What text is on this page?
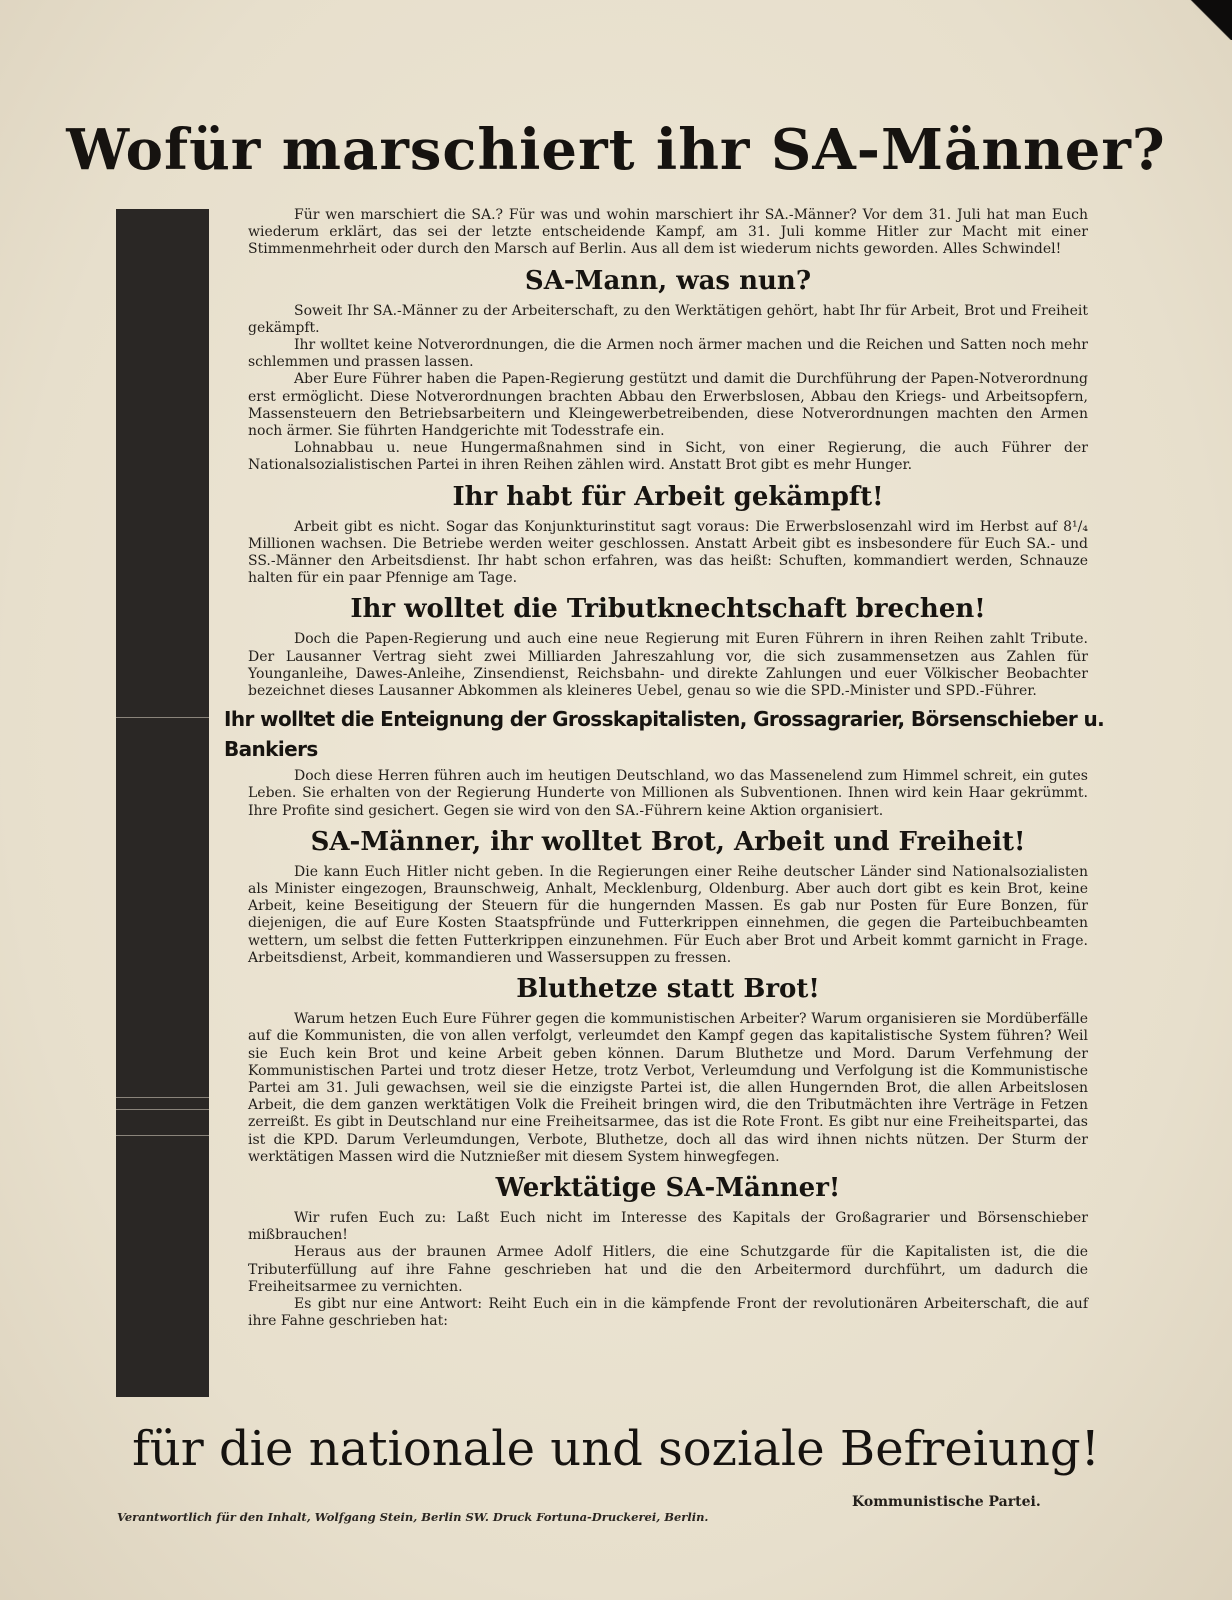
Wofür marschiert ihr SA-Männer?

Für wen marschiert die SA.? Für was und wohin marschiert ihr SA.-Männer? Vor dem 31. Juli hat man Euch wiederum erklärt, das sei der letzte entscheidende Kampf, am 31. Juli komme Hitler zur Macht mit einer Stimmenmehrheit oder durch den Marsch auf Berlin. Aus all dem ist wiederum nichts geworden. Alles Schwindel!

SA-Mann, was nun?

Soweit Ihr SA.-Männer zu der Arbeiterschaft, zu den Werktätigen gehört, habt Ihr für Arbeit, Brot und Freiheit gekämpft.

Ihr wolltet keine Notverordnungen, die die Armen noch ärmer machen und die Reichen und Satten noch mehr schlemmen und prassen lassen.

Aber Eure Führer haben die Papen-Regierung gestützt und damit die Durchführung der Papen-Notverordnung erst ermöglicht. Diese Notverordnungen brachten Abbau den Erwerbslosen, Abbau den Kriegs- und Arbeitsopfern, Massensteuern den Betriebsarbeitern und Kleingewerbetreibenden, diese Notverordnungen machten den Armen noch ärmer. Sie führten Handgerichte mit Todesstrafe ein.

Lohnabbau u. neue Hungermaßnahmen sind in Sicht, von einer Regierung, die auch Führer der Nationalsozialistischen Partei in ihren Reihen zählen wird. Anstatt Brot gibt es mehr Hunger.

Ihr habt für Arbeit gekämpft!

Arbeit gibt es nicht. Sogar das Konjunkturinstitut sagt voraus: Die Erwerbslosenzahl wird im Herbst auf 8¹/₄ Millionen wachsen. Die Betriebe werden weiter geschlossen. Anstatt Arbeit gibt es insbesondere für Euch SA.- und SS.-Männer den Arbeitsdienst. Ihr habt schon erfahren, was das heißt: Schuften, kommandiert werden, Schnauze halten für ein paar Pfennige am Tage.

Ihr wolltet die Tributknechtschaft brechen!

Doch die Papen-Regierung und auch eine neue Regierung mit Euren Führern in ihren Reihen zahlt Tribute. Der Lausanner Vertrag sieht zwei Milliarden Jahreszahlung vor, die sich zusammensetzen aus Zahlen für Younganleihe, Dawes-Anleihe, Zinsendienst, Reichsbahn- und direkte Zahlungen und euer Völkischer Beobachter bezeichnet dieses Lausanner Abkommen als kleineres Uebel, genau so wie die SPD.-Minister und SPD.-Führer.

Ihr wolltet die Enteignung der Grosskapitalisten, Grossagrarier, Börsenschieber u. Bankiers

Doch diese Herren führen auch im heutigen Deutschland, wo das Massenelend zum Himmel schreit, ein gutes Leben. Sie erhalten von der Regierung Hunderte von Millionen als Subventionen. Ihnen wird kein Haar gekrümmt. Ihre Profite sind gesichert. Gegen sie wird von den SA.-Führern keine Aktion organisiert.

SA-Männer, ihr wolltet Brot, Arbeit und Freiheit!

Die kann Euch Hitler nicht geben. In die Regierungen einer Reihe deutscher Länder sind Nationalsozialisten als Minister eingezogen, Braunschweig, Anhalt, Mecklenburg, Oldenburg. Aber auch dort gibt es kein Brot, keine Arbeit, keine Beseitigung der Steuern für die hungernden Massen. Es gab nur Posten für Eure Bonzen, für diejenigen, die auf Eure Kosten Staatspfründe und Futterkrippen einnehmen, die gegen die Parteibuchbeamten wettern, um selbst die fetten Futterkrippen einzunehmen. Für Euch aber Brot und Arbeit kommt garnicht in Frage. Arbeitsdienst, Arbeit, kommandieren und Wassersuppen zu fressen.

Bluthetze statt Brot!

Warum hetzen Euch Eure Führer gegen die kommunistischen Arbeiter? Warum organisieren sie Mordüberfälle auf die Kommunisten, die von allen verfolgt, verleumdet den Kampf gegen das kapitalistische System führen? Weil sie Euch kein Brot und keine Arbeit geben können. Darum Bluthetze und Mord. Darum Verfehmung der Kommunistischen Partei und trotz dieser Hetze, trotz Verbot, Verleumdung und Verfolgung ist die Kommunistische Partei am 31. Juli gewachsen, weil sie die einzigste Partei ist, die allen Hungernden Brot, die allen Arbeitslosen Arbeit, die dem ganzen werktätigen Volk die Freiheit bringen wird, die den Tributmächten ihre Verträge in Fetzen zerreißt. Es gibt in Deutschland nur eine Freiheitsarmee, das ist die Rote Front. Es gibt nur eine Freiheitspartei, das ist die KPD. Darum Verleumdungen, Verbote, Bluthetze, doch all das wird ihnen nichts nützen. Der Sturm der werktätigen Massen wird die Nutznießer mit diesem System hinwegfegen.

Werktätige SA-Männer!

Wir rufen Euch zu: Laßt Euch nicht im Interesse des Kapitals der Großagrarier und Börsenschieber mißbrauchen!

Heraus aus der braunen Armee Adolf Hitlers, die eine Schutzgarde für die Kapitalisten ist, die die Tributerfüllung auf ihre Fahne geschrieben hat und die den Arbeitermord durchführt, um dadurch die Freiheitsarmee zu vernichten.

Es gibt nur eine Antwort: Reiht Euch ein in die kämpfende Front der revolutionären Arbeiterschaft, die auf ihre Fahne geschrieben hat:

für die nationale und soziale Befreiung!

Kommunistische Partei.
Verantwortlich für den Inhalt, Wolfgang Stein, Berlin SW. Druck Fortuna-Druckerei, Berlin.
